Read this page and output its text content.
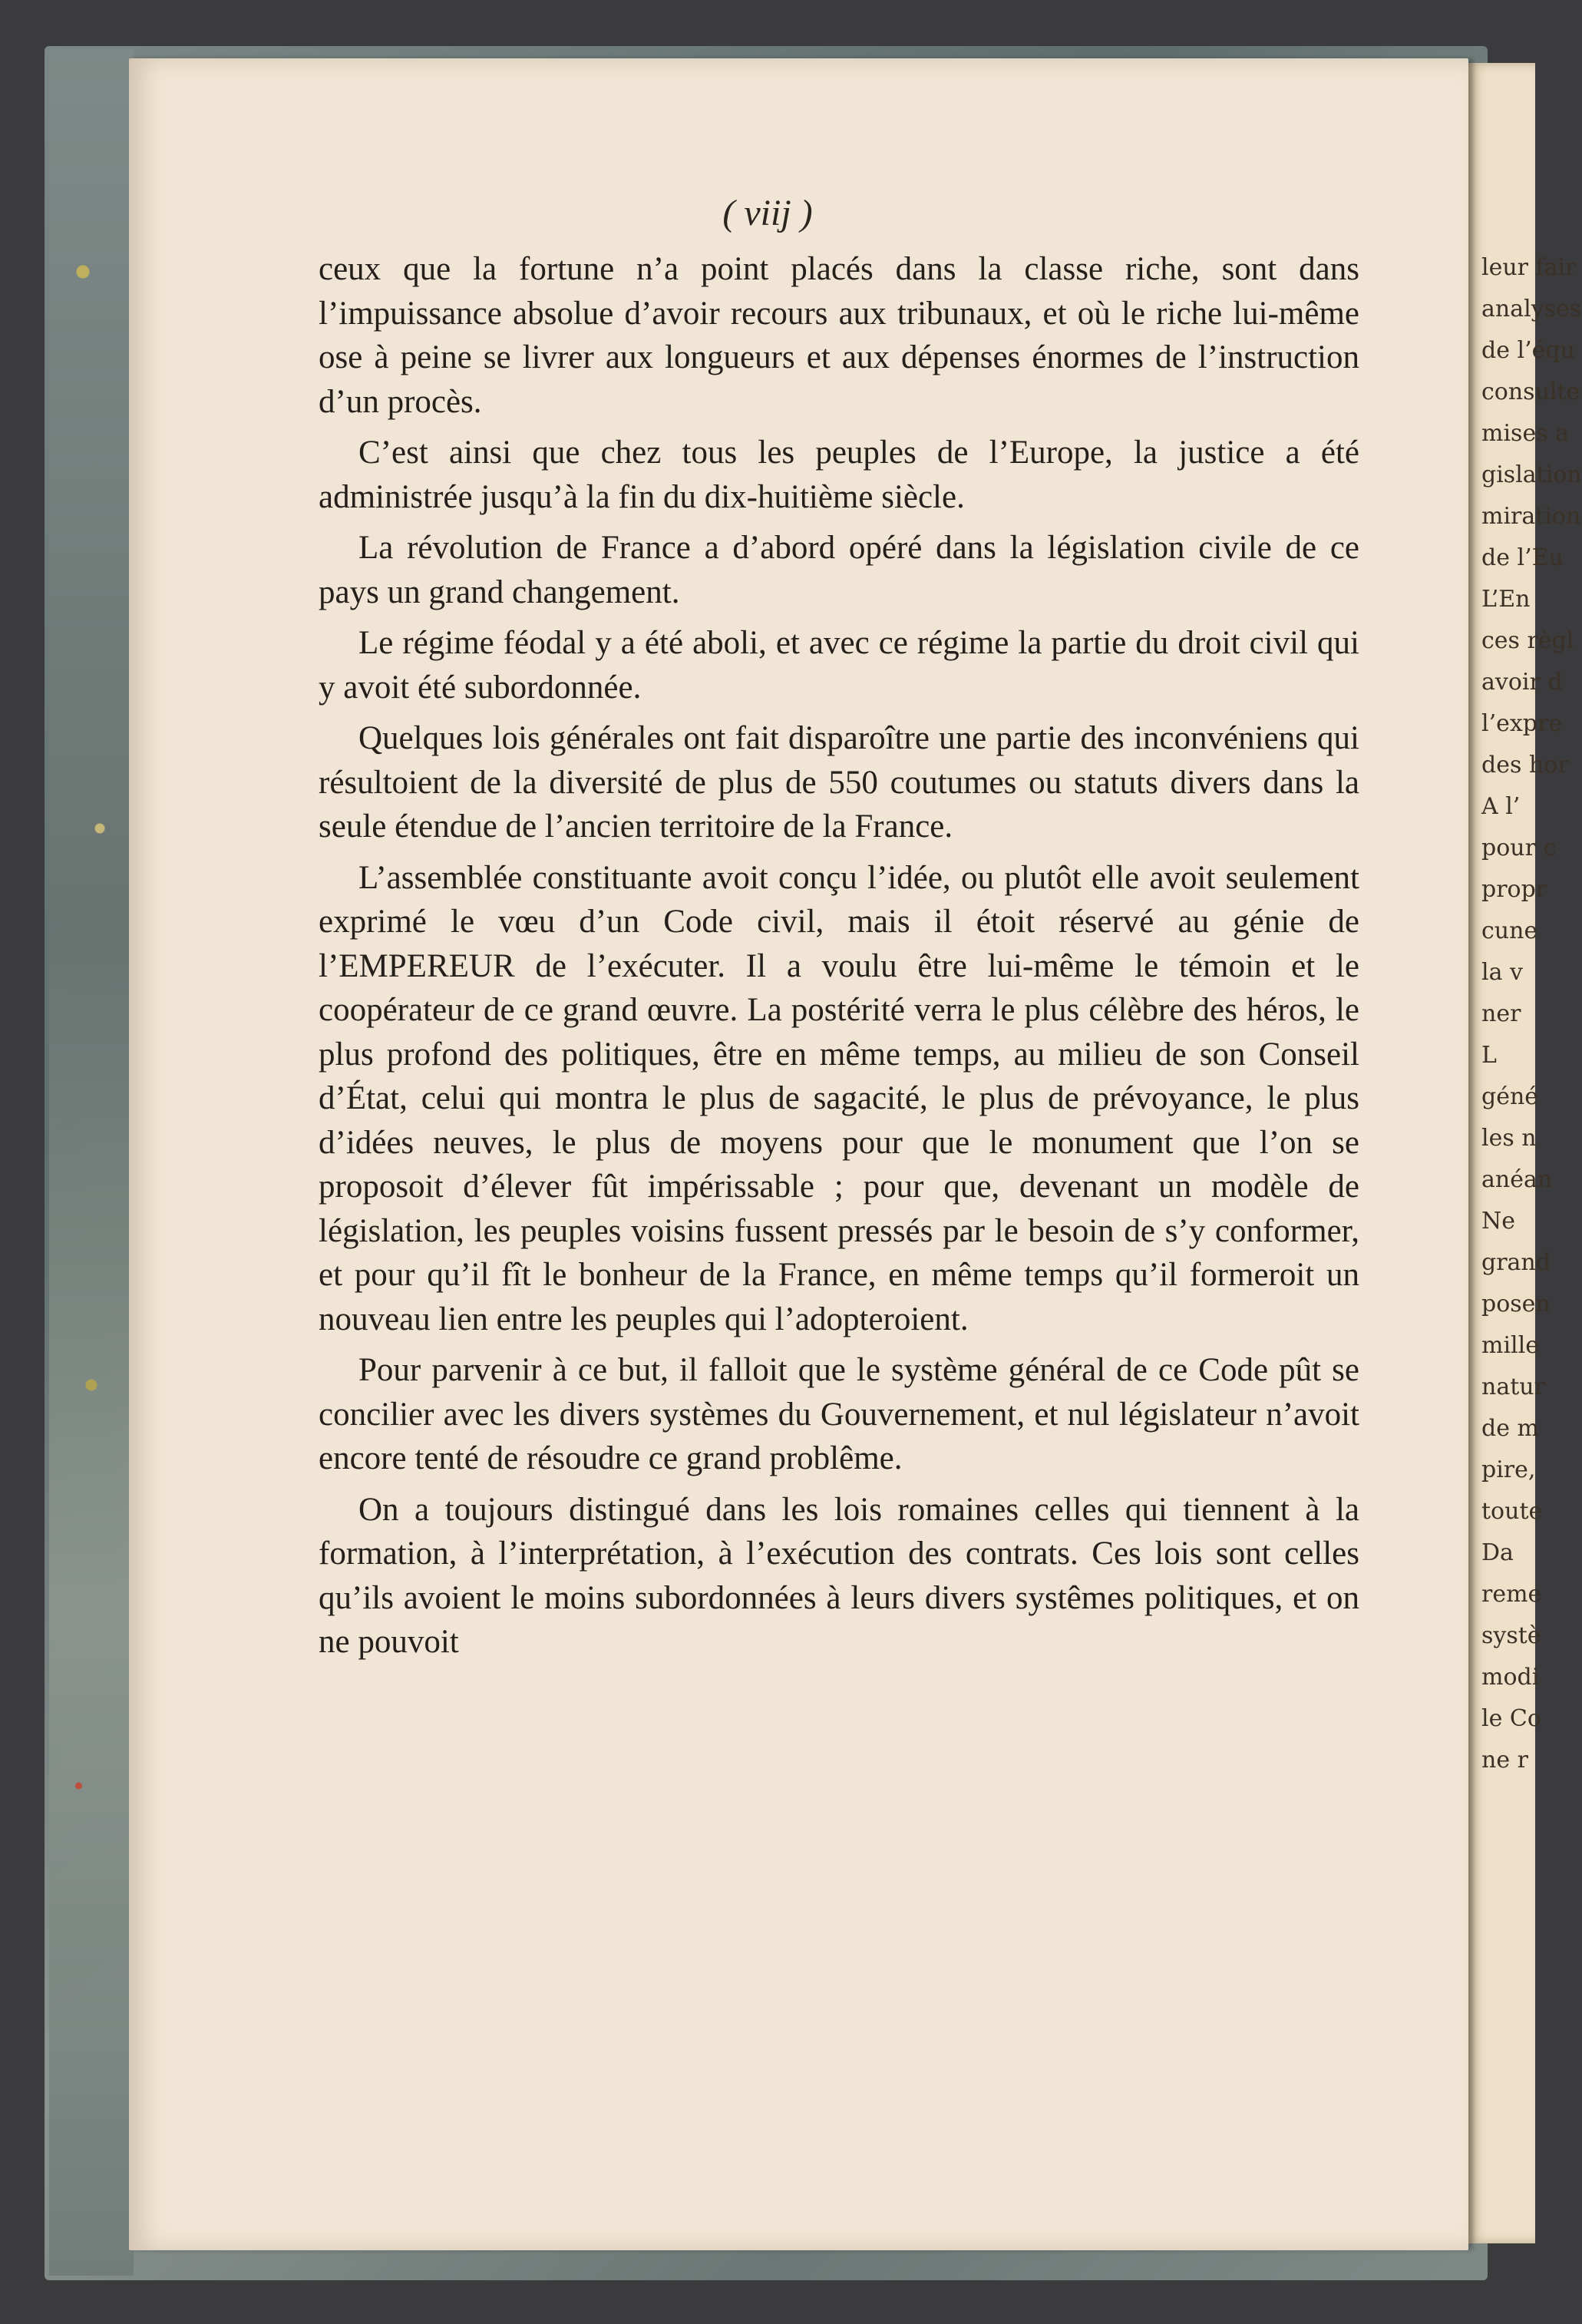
leur fair
analyses
de l’équ
consulte
mises a
gislation
miration
de l’Eu
L’En
ces règl
avoir d
l’expre
des hor
A l’
pour c
propr
cune
la v
ner
L
géné
les n
anéan
Ne
grand
posen
mille
natur
de m
pire,
toute
Da
reme
systè
modi
le Co
ne r
( viij )

ceux que la fortune n’a point placés dans la classe riche, sont dans l’impuissance absolue d’avoir recours aux tribunaux, et où le riche lui-même ose à peine se livrer aux longueurs et aux dépenses énormes de l’instruction d’un procès.

C’est ainsi que chez tous les peuples de l’Europe, la justice a été administrée jusqu’à la fin du dix-huitième siècle.

La révolution de France a d’abord opéré dans la législation civile de ce pays un grand changement.

Le régime féodal y a été aboli, et avec ce régime la partie du droit civil qui y avoit été subordonnée.

Quelques lois générales ont fait disparoître une partie des inconvéniens qui résultoient de la diversité de plus de 550 coutumes ou statuts divers dans la seule étendue de l’ancien territoire de la France.

L’assemblée constituante avoit conçu l’idée, ou plutôt elle avoit seulement exprimé le vœu d’un Code civil, mais il étoit réservé au génie de l’EMPEREUR de l’exécuter. Il a voulu être lui-même le témoin et le coopérateur de ce grand œuvre. La postérité verra le plus célèbre des héros, le plus profond des politiques, être en même temps, au milieu de son Conseil d’État, celui qui montra le plus de sagacité, le plus de prévoyance, le plus d’idées neuves, le plus de moyens pour que le monument que l’on se proposoit d’élever fût impérissable ; pour que, devenant un modèle de législation, les peuples voisins fussent pressés par le besoin de s’y conformer, et pour qu’il fît le bonheur de la France, en même temps qu’il formeroit un nouveau lien entre les peuples qui l’adopteroient.

Pour parvenir à ce but, il falloit que le système général de ce Code pût se concilier avec les divers systèmes du Gouvernement, et nul législateur n’avoit encore tenté de résoudre ce grand problême.

On a toujours distingué dans les lois romaines celles qui tiennent à la formation, à l’interprétation, à l’exécution des contrats. Ces lois sont celles qu’ils avoient le moins subordonnées à leurs divers systêmes politiques, et on ne pouvoit
